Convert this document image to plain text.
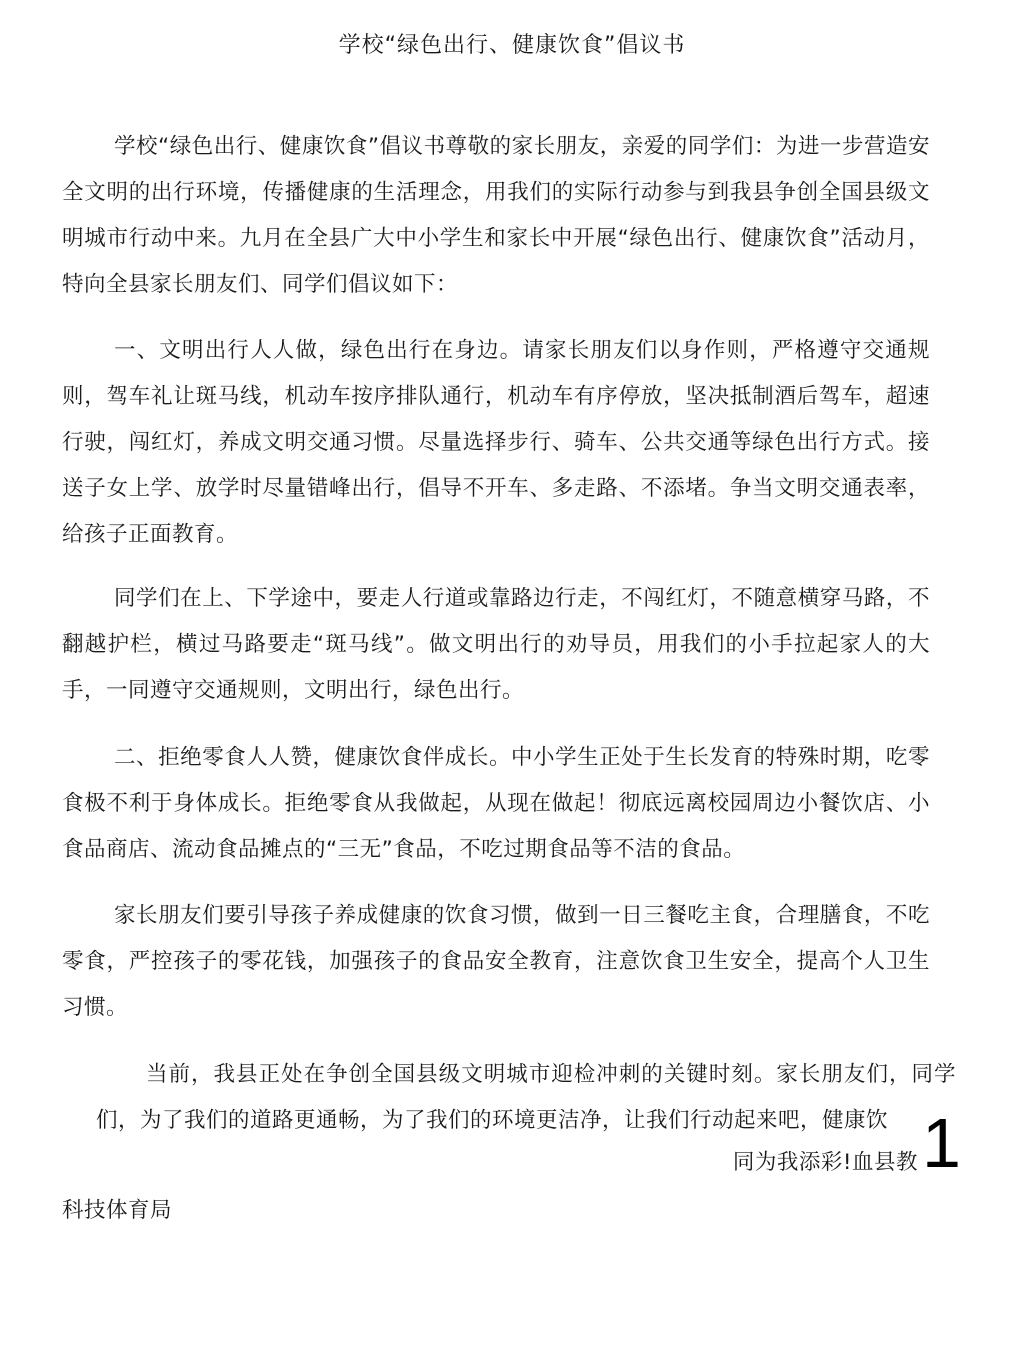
学校“绿色出行、健康饮食”倡议书
学校“绿色出行、健康饮食”倡议书尊敬的家长朋友，亲爱的同学们：为进一步营造安全文明的出行环境，传播健康的生活理念，用我们的实际行动参与到我县争创全国县级文明城市行动中来。九月在全县广大中小学生和家长中开展“绿色出行、健康饮食”活动月，特向全县家长朋友们、同学们倡议如下：
一、文明出行人人做，绿色出行在身边。请家长朋友们以身作则，严格遵守交通规则，驾车礼让斑马线，机动车按序排队通行，机动车有序停放，坚决抵制酒后驾车，超速行驶，闯红灯，养成文明交通习惯。尽量选择步行、骑车、公共交通等绿色出行方式。接送子女上学、放学时尽量错峰出行，倡导不开车、多走路、不添堵。争当文明交通表率，给孩子正面教育。
同学们在上、下学途中，要走人行道或靠路边行走，不闯红灯，不随意横穿马路，不翻越护栏，横过马路要走“斑马线”。做文明出行的劝导员，用我们的小手拉起家人的大手，一同遵守交通规则，文明出行，绿色出行。
二、拒绝零食人人赞，健康饮食伴成长。中小学生正处于生长发育的特殊时期，吃零食极不利于身体成长。拒绝零食从我做起，从现在做起！彻底远离校园周边小餐饮店、小食品商店、流动食品摊点的“三无”食品，不吃过期食品等不洁的食品。
家长朋友们要引导孩子养成健康的饮食习惯，做到一日三餐吃主食，合理膳食，不吃零食，严控孩子的零花钱，加强孩子的食品安全教育，注意饮食卫生安全，提高个人卫生习惯。
当前，我县正处在争创全国县级文明城市迎检冲刺的关键时刻。家长朋友们，同学们，为了我们的道路更通畅，为了我们的环境更洁净，让我们行动起来吧，健康饮
同为我添彩!血县教
科技体育局
1
